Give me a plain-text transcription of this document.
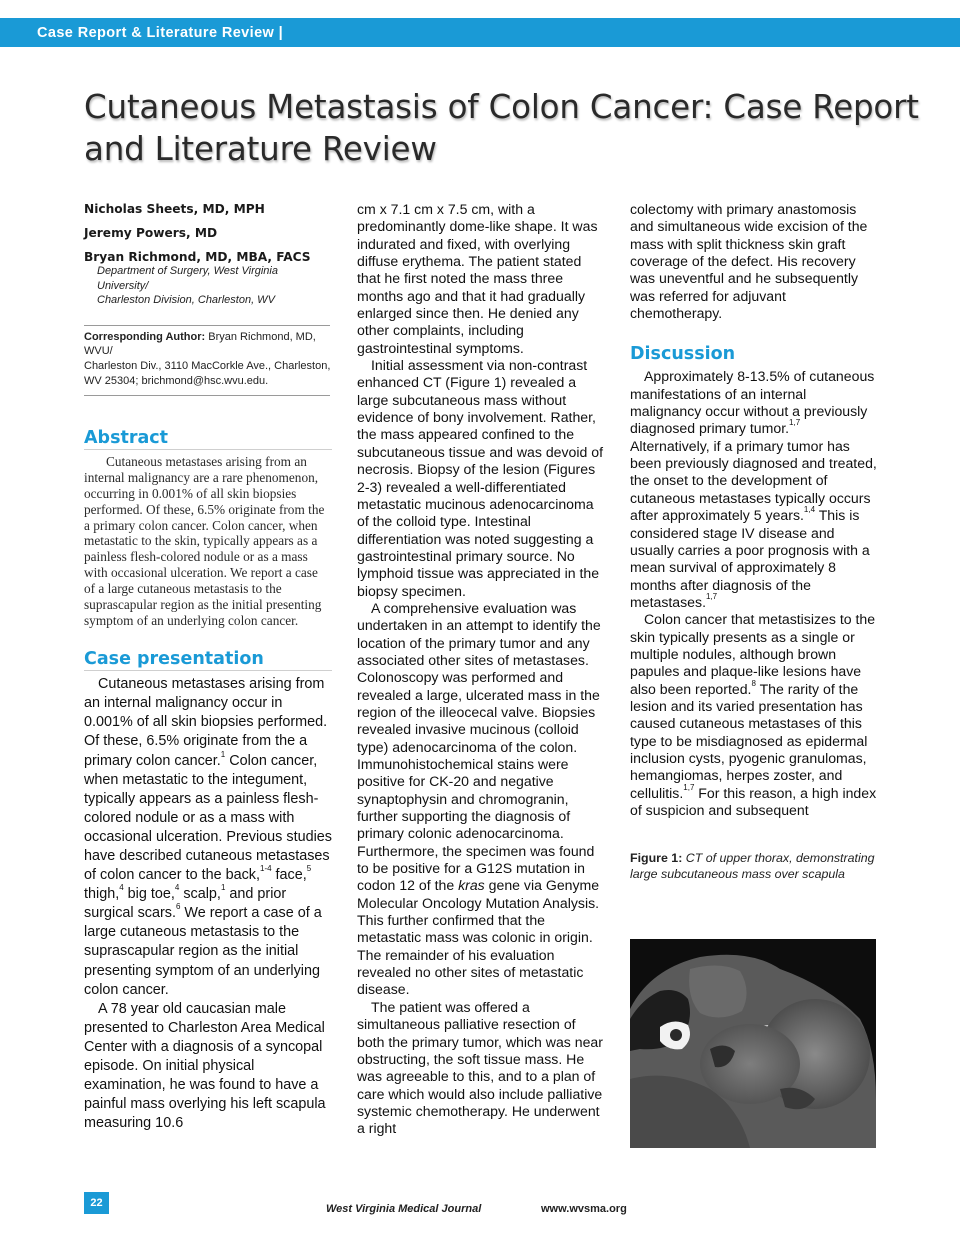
Case Report & Literature Review |
Cutaneous Metastasis of Colon Cancer: Case Report and Literature Review
Nicholas Sheets, MD, MPH
Jeremy Powers, MD
Bryan Richmond, MD, MBA, FACS
Department of Surgery, West Virginia University/
Charleston Division, Charleston, WV
Corresponding Author: Bryan Richmond, MD, WVU/
Charleston Div., 3110 MacCorkle Ave., Charleston,
WV 25304; brichmond@hsc.wvu.edu.
Abstract

Cutaneous metastases arising from an internal malignancy are a rare phenomenon, occurring in 0.001% of all skin biopsies performed. Of these, 6.5% originate from the a primary colon cancer. Colon cancer, when metastatic to the skin, typically appears as a painless flesh-colored nodule or as a mass with occasional ulceration. We report a case of a large cutaneous metastasis to the suprascapular region as the initial presenting symptom of an underlying colon cancer.

Case presentation
Cutaneous metastases arising from an internal malignancy occur in 0.001% of all skin biopsies performed. Of these, 6.5% originate from the a primary colon cancer.$^1$ Colon cancer, when metastatic to the integument, typically appears as a painless flesh-colored nodule or as a mass with occasional ulceration. Previous studies have described cutaneous metastases of colon cancer to the back,$^{1-4}$ face,$^5$ thigh,$^4$ big toe,$^4$ scalp,$^1$ and prior surgical scars.$^6$ We report a case of a large cutaneous metastasis to the suprascapular region as the initial presenting symptom of an underlying colon cancer.
A 78 year old caucasian male presented to Charleston Area Medical Center with a diagnosis of a syncopal episode. On initial physical examination, he was found to have a painful mass overlying his left scapula measuring 10.6
cm x 7.1 cm x 7.5 cm, with a predominantly dome-like shape. It was indurated and fixed, with overlying diffuse erythema. The patient stated that he first noted the mass three months ago and that it had gradually enlarged since then. He denied any other complaints, including gastrointestinal symptoms.
Initial assessment via non-contrast enhanced CT (Figure 1) revealed a large subcutaneous mass without evidence of bony involvement. Rather, the mass appeared confined to the subcutaneous tissue and was devoid of necrosis. Biopsy of the lesion (Figures 2-3) revealed a well-differentiated metastatic mucinous adenocarcinoma of the colloid type. Intestinal differentiation was noted suggesting a gastrointestinal primary source. No lymphoid tissue was appreciated in the biopsy specimen.
A comprehensive evaluation was undertaken in an attempt to identify the location of the primary tumor and any associated other sites of metastases. Colonoscopy was performed and revealed a large, ulcerated mass in the region of the illeocecal valve. Biopsies revealed invasive mucinous (colloid type) adenocarcinoma of the colon. Immunohistochemical stains were positive for CK-20 and negative synaptophysin and chromogranin, further supporting the diagnosis of primary colonic adenocarcinoma. Furthermore, the specimen was found to be positive for a G12S mutation in codon 12 of the kras gene via Genyme Molecular Oncology Mutation Analysis. This further confirmed that the metastatic mass was colonic in origin. The remainder of his evaluation revealed no other sites of metastatic disease.
The patient was offered a simultaneous palliative resection of both the primary tumor, which was near obstructing, the soft tissue mass. He was agreeable to this, and to a plan of care which would also include palliative systemic chemotherapy. He underwent a right
colectomy with primary anastomosis and simultaneous wide excision of the mass with split thickness skin graft coverage of the defect. His recovery was uneventful and he subsequently was referred for adjuvant chemotherapy.
Discussion
Approximately 8-13.5% of cutaneous manifestations of an internal malignancy occur without a previously diagnosed primary tumor.$^{1,7}$ Alternatively, if a primary tumor has been previously diagnosed and treated, the onset to the development of cutaneous metastases typically occurs after approximately 5 years.$^{1,4}$ This is considered stage IV disease and usually carries a poor prognosis with a mean survival of approximately 8 months after diagnosis of the metastases.$^{1,7}$
Colon cancer that metastisizes to the skin typically presents as a single or multiple nodules, although brown papules and plaque-like lesions have also been reported.$^8$ The rarity of the lesion and its varied presentation has caused cutaneous metastases of this type to be misdiagnosed as epidermal inclusion cysts, pyogenic granulomas, hemangiomas, herpes zoster, and cellulitis.$^{1,7}$ For this reason, a high index of suspicion and subsequent
Figure 1: CT of upper thorax, demonstrating large subcutaneous mass over scapula
22	West Virginia Medical Journal	www.wvsma.org
